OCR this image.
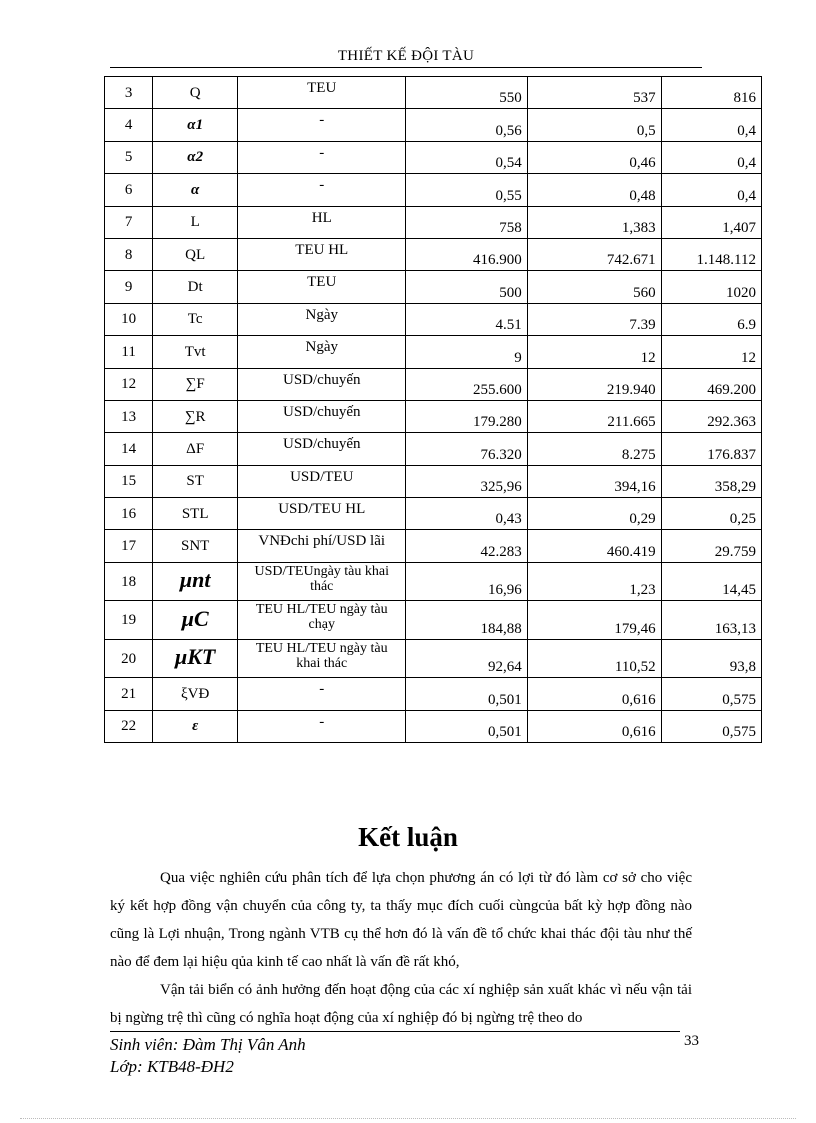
THIẾT KẾ ĐỘI TÀU
3	Q	TEU	550	537	816
4	α1	-	0,56	0,5	0,4
5	α2	-	0,54	0,46	0,4
6	α	-	0,55	0,48	0,4
7	L	HL	758	1,383	1,407
8	QL	TEU HL	416.900	742.671	1.148.112
9	Dt	TEU	500	560	1020
10	Tc	Ngày	4.51	7.39	6.9
11	Tvt	Ngày	9	12	12
12	∑F	USD/chuyến	255.600	219.940	469.200
13	∑R	USD/chuyến	179.280	211.665	292.363
14	ΔF	USD/chuyến	76.320	8.275	176.837
15	ST	USD/TEU	325,96	394,16	358,29
16	STL	USD/TEU HL	0,43	0,29	0,25
17	SNT	VNĐchi phí/USD lãi	42.283	460.419	29.759
18	μnt	USD/TEUngày tàu khai thác	16,96	1,23	14,45
19	μC	TEU HL/TEU ngày tàu chạy	184,88	179,46	163,13
20	μKT	TEU HL/TEU ngày tàu khai thác	92,64	110,52	93,8
21	ξVĐ	-	0,501	0,616	0,575
22	ε	-	0,501	0,616	0,575
Kết luận

Qua việc nghiên cứu phân tích để lựa chọn phương án có lợi từ đó làm cơ sở cho việc ký kết hợp đồng vận chuyển của công ty, ta thấy mục đích cuối cùngcủa bất kỳ hợp đồng nào cũng là Lợi nhuận, Trong ngành VTB cụ thể hơn đó là vấn đề tổ chức khai thác đội tàu như thế nào để đem lại hiệu qủa kinh tế cao nhất là vấn đề rất khó,

Vận tải biển có ảnh hưởng đến hoạt động của các xí nghiệp sản xuất khác vì nếu vận tải bị ngừng trệ thì cũng có nghĩa hoạt động của xí nghiệp đó bị ngừng trệ theo do

Sinh viên: Đàm Thị Vân Anh
Lớp: KTB48-ĐH2
33
